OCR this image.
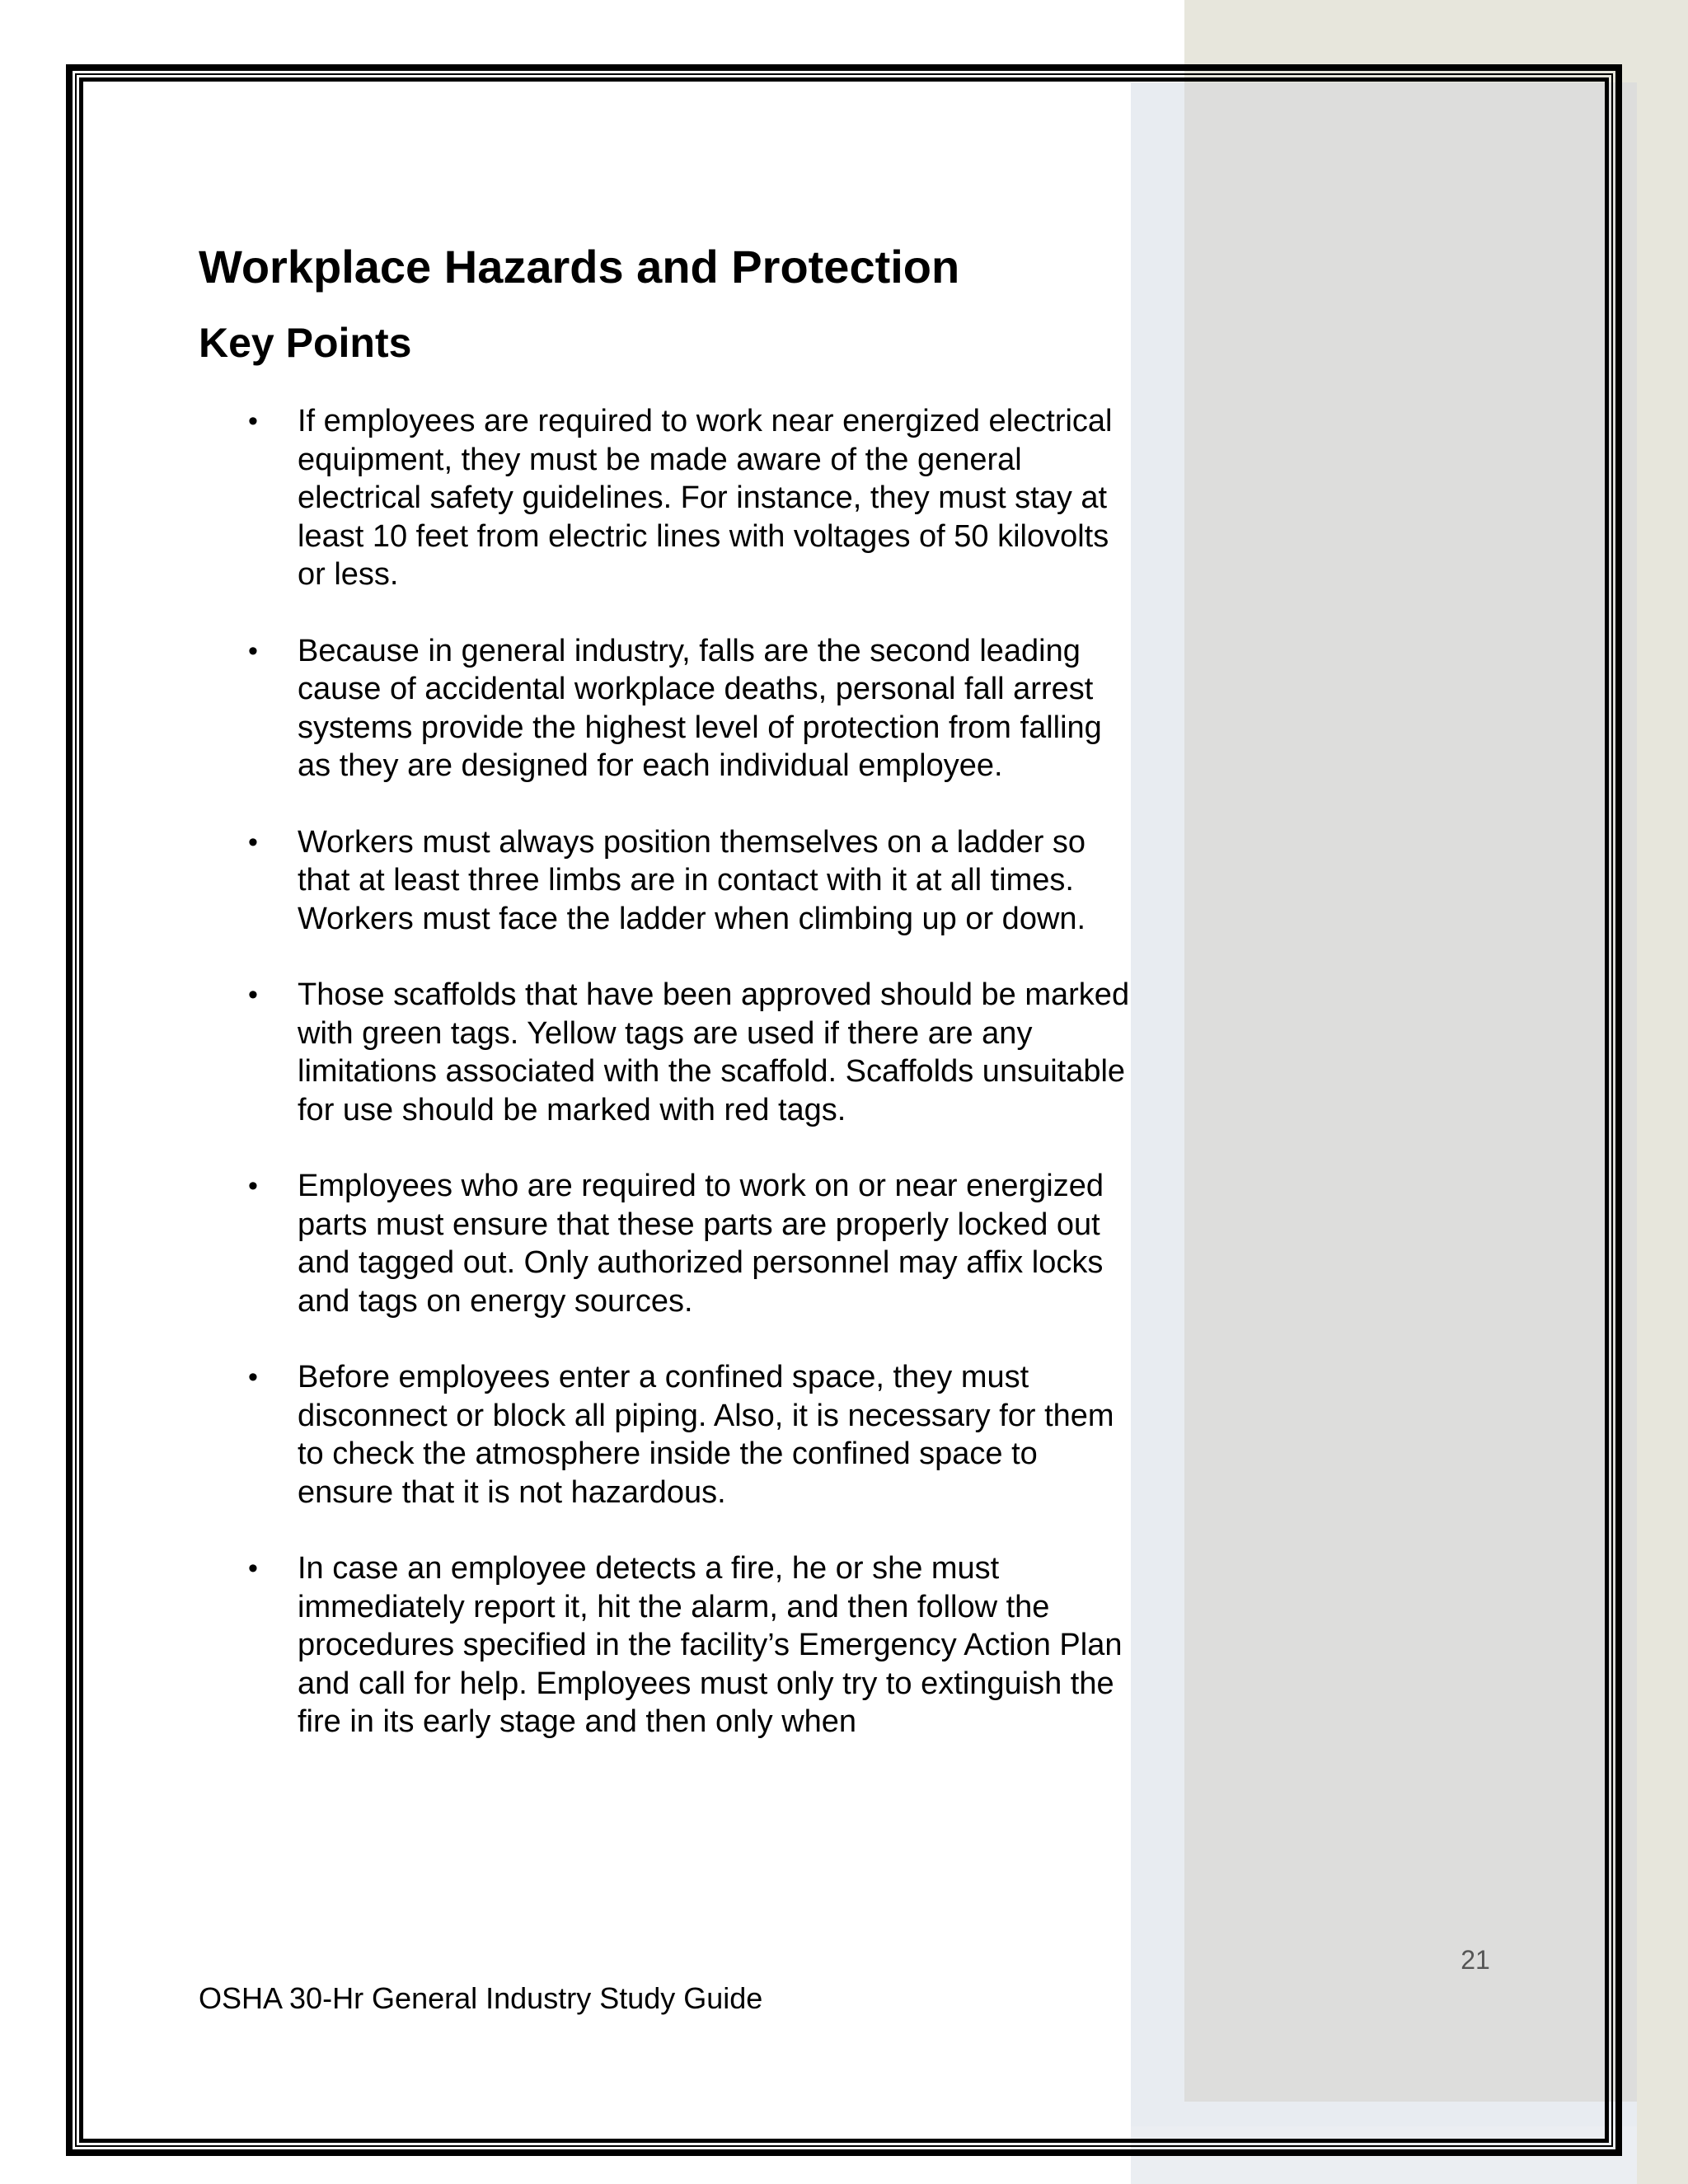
Workplace Hazards and Protection
Key Points
• If employees are required to work near energized electrical equipment, they must be made aware of the general electrical safety guidelines. For instance, they must stay at least 10 feet from electric lines with voltages of 50 kilovolts or less.
• Because in general industry, falls are the second leading cause of accidental workplace deaths, personal fall arrest systems provide the highest level of protection from falling as they are designed for each individual employee.
• Workers must always position themselves on a ladder so that at least three limbs are in contact with it at all times. Workers must face the ladder when climbing up or down.
• Those scaffolds that have been approved should be marked with green tags. Yellow tags are used if there are any limitations associated with the scaffold. Scaffolds unsuitable for use should be marked with red tags.
• Employees who are required to work on or near energized parts must ensure that these parts are properly locked out and tagged out. Only authorized personnel may affix locks and tags on energy sources.
• Before employees enter a confined space, they must disconnect or block all piping. Also, it is necessary for them to check the atmosphere inside the confined space to ensure that it is not hazardous.
• In case an employee detects a fire, he or she must immediately report it, hit the alarm, and then follow the procedures specified in the facility’s Emergency Action Plan and call for help. Employees must only try to extinguish the fire in its early stage and then only when
21
OSHA 30-Hr General Industry Study Guide
